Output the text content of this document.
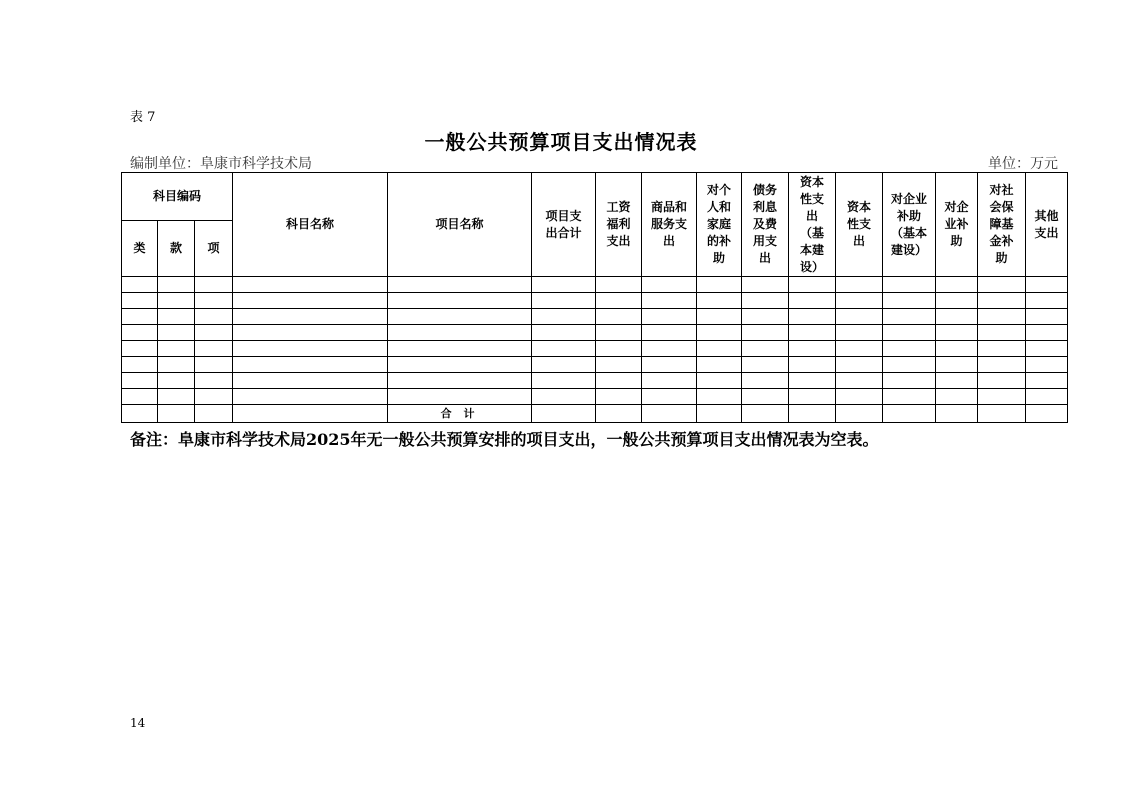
表 7
一般公共预算项目支出情况表
编制单位：阜康市科学技术局	单位：万元
科目编码			科目名称	项目名称	项目支出合计	工资福利支出	商品和服务支出	对个人和家庭的补助	债务利息及费用支出	资本性支出（基本建设）	资本性支出	对企业补助（基本建设）	对企业补助	对社会保障基金补助	其他支出
类	款	项													

				合 计											
备注：阜康市科学技术局2025年无一般公共预算安排的项目支出，一般公共预算项目支出情况表为空表。
14
